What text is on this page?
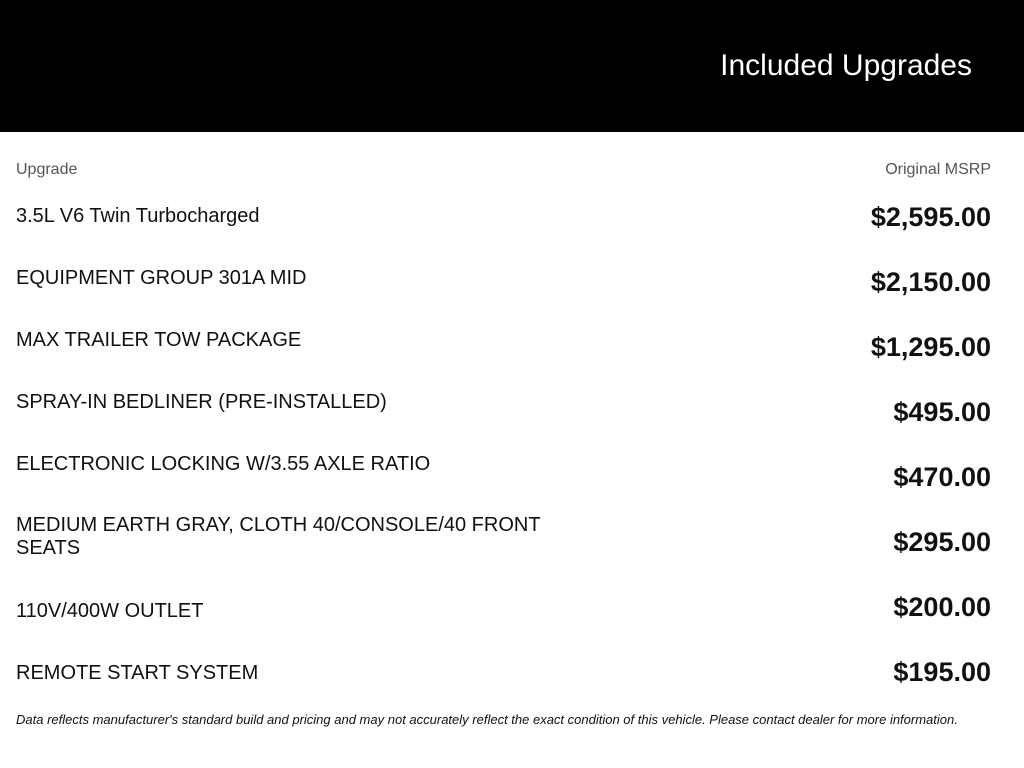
Included Upgrades
Upgrade	Original MSRP
3.5L V6 Twin Turbocharged	$2,595.00
EQUIPMENT GROUP 301A MID	$2,150.00
MAX TRAILER TOW PACKAGE	$1,295.00
SPRAY-IN BEDLINER (PRE-INSTALLED)	$495.00
ELECTRONIC LOCKING W/3.55 AXLE RATIO	$470.00
MEDIUM EARTH GRAY, CLOTH 40/CONSOLE/40 FRONT SEATS	$295.00
110V/400W OUTLET	$200.00
REMOTE START SYSTEM	$195.00
Data reflects manufacturer's standard build and pricing and may not accurately reflect the exact condition of this vehicle. Please contact dealer for more information.
